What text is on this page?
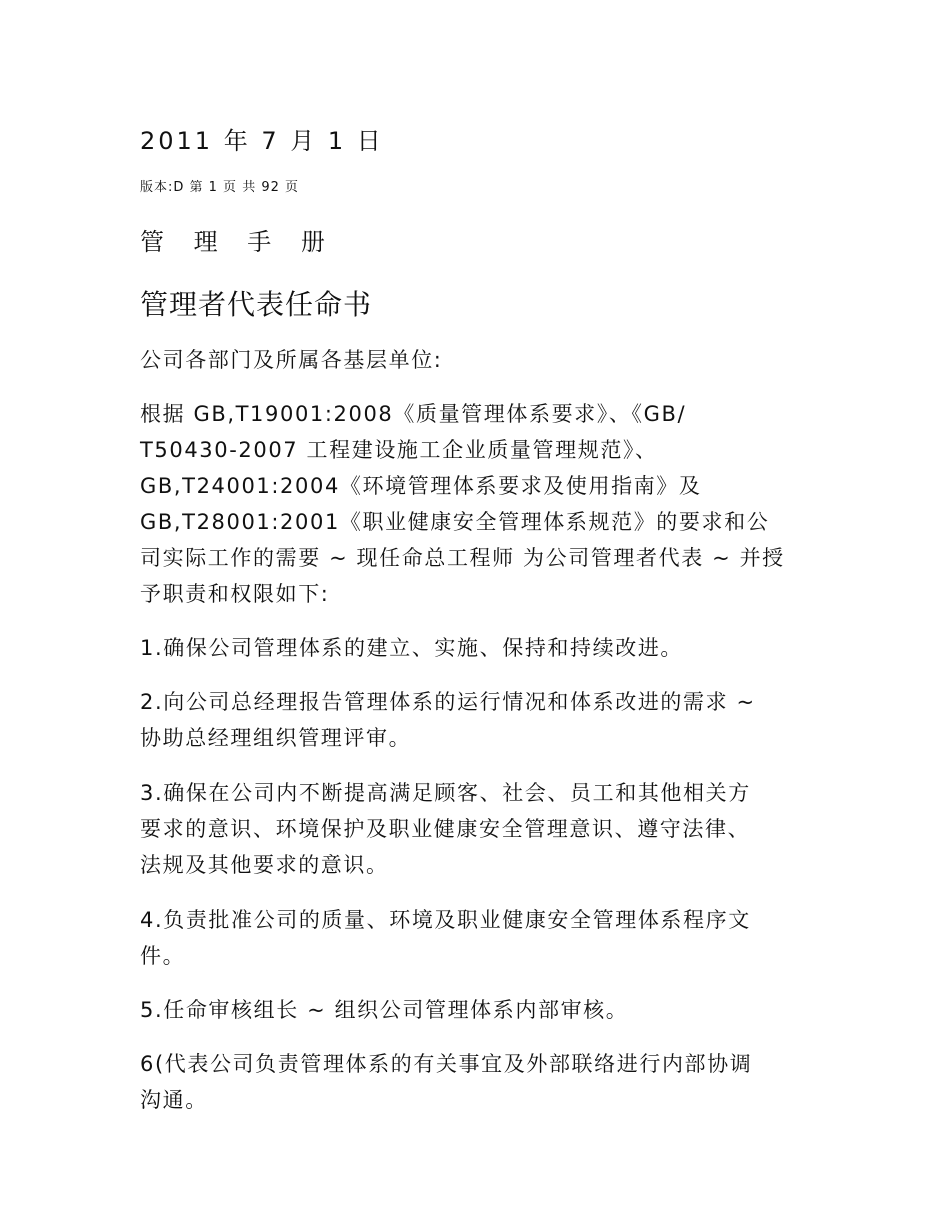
2011 年 7 月 1 日
版本:D 第 1 页 共 92 页
管 理 手 册
管理者代表任命书

公司各部门及所属各基层单位:

根据 GB,T19001:2008《质量管理体系要求》、《GB/
T50430-2007 工程建设施工企业质量管理规范》、
GB,T24001:2004《环境管理体系要求及使用指南》及
GB,T28001:2001《职业健康安全管理体系规范》的要求和公
司实际工作的需要 ~ 现任命总工程师 为公司管理者代表 ~ 并授
予职责和权限如下:

1.确保公司管理体系的建立、实施、保持和持续改进。

2.向公司总经理报告管理体系的运行情况和体系改进的需求 ~
协助总经理组织管理评审。

3.确保在公司内不断提高满足顾客、社会、员工和其他相关方
要求的意识、环境保护及职业健康安全管理意识、遵守法律、
法规及其他要求的意识。

4.负责批准公司的质量、环境及职业健康安全管理体系程序文
件。

5.任命审核组长 ~ 组织公司管理体系内部审核。

6(代表公司负责管理体系的有关事宜及外部联络进行内部协调
沟通。
